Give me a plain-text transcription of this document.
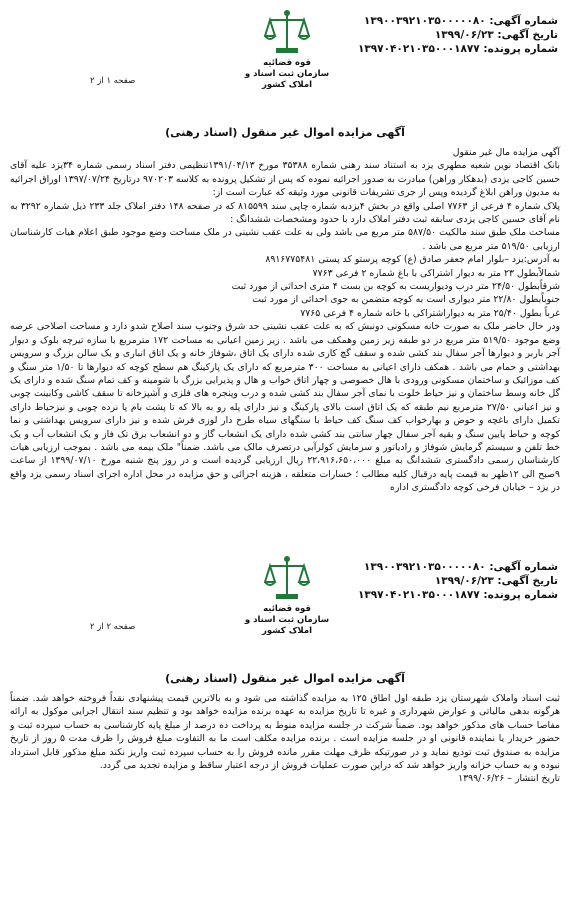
شماره آگهی: ۱۳۹۰۰۳۹۲۱۰۳۵۰۰۰۰۰۸۰
تاریخ آگهی: ۱۳۹۹/۰۶/۲۳
شماره پرونده: ۱۳۹۷۰۴۰۲۱۰۳۵۰۰۰۱۸۷۷
قوه قضائیه
سازمان ثبت اسناد و املاک کشور
صفحه ۱ از ۲
آگهی مزایده اموال غیر منقول (اسناد رهنی)

آگهی مزایده مال غیر منقول

بانک اقتصاد نوین شعبه مطهری یزد به استناد سند رهنی شماره ۳۵۳۸۸ مورخ ۱۳۹۱/۰۴/۱۳تنظیمی دفتر اسناد رسمی شماره ۳۴یزد علیه آقای حسین کاجی یزدی (بدهکار وراهن) مبادرت به صدور اجرائیه نموده که پس از تشکیل پرونده به کلاسه ۹۷۰۲۰۳ درتاریخ ۱۳۹۷/۰۷/۲۴ اوراق اجرائیه به مدیون وراهن ابلاغ گردیده وپس از جری تشریفات قانونی مورد وثیقه که عبارت است از:

پلاک شماره ۴ فرعی از ۷۷۶۳ اصلی واقع در بخش ۴یزدبه شماره چاپی سند ۸۱۵۵۹۹ که در صفحه ۱۴۸ دفتر املاک جلد ۲۳۳ ذیل شماره ۳۲۹۲ به نام آقای حسین کاجی یزدی سابقه ثبت دفتر املاک دارد با حدود ومشخصات ششدانگ :

مساحت ملک طبق سند مالکیت ۵۸۷/۵۰ متر مربع می باشد ولی به علت عقب نشینی در ملک مساحت وضع موجود طبق اعلام هیات کارشناسان ارزیابی ۵۱۹/۵۰ متر مربع می باشد .

به آدرس:یزد –بلوار امام جعفر صادق (ع) کوچه پرستو کد پستی ۸۹۱۶۷۷۵۴۸۱

شمالاًبطول ۲۳ متر به دیوار اشتراکی با باغ شماره ۲ فرعی ۷۷۶۳

شرقاًبطول ۲۴/۵۰ متر درب ودیواریست به کوچه بن بست ۴ متری احداثی از مورد ثبت

جنوباًبطول ۲۲/۸۰ متر دیواری است به کوچه متضمن به جوی احداثی از مورد ثبت

غرباً بطول ۲۵/۴۰ متر به دیواراشتراکی با خانه شماره ۴ فرعی ۷۷۶۵

ودر حال حاضر ملک به صورت خانه مسکونی دونبش که به علت عقب نشینی حد شرق وجنوب سند اصلاح شدو دارد و مساحت اصلاحی عرصه وضع موجود ۵۱۹/۵۰ متر مربع در دو طبقه زیر زمین وهمکف می باشد . زیر زمین اعیانی به مساحت ۱۷۲ مترمربع با سازه تیرچه بلوک و دیوار آجر باربر و دیوارها آجر سفال بند کشی شده و سقف گچ کاری شده دارای یک اتاق ،شوفاژ خانه و یک اتاق انباری و یک سالن بزرگ و سرویس بهداشتی و حمام می باشد . همکف دارای اعیانی به مساحت ۳۰۰ مترمربع که دارای یک پارکینگ هم سطح کوچه که دیوارها تا ۱/۵۰ متر سنگ و کف موزائیک و ساختمان مسکونی ورودی با هال خصوصی و چهار اتاق خواب و هال و پذیرایی بزرگ با شومینه و کف تمام سنگ شده و دارای یک گل خانه وسط ساختمان و نیز حیاط خلوت با نمای آجر سفال بند کشی شده و درب وپنجره های فلزی و آشپزخانه تا سقف کاشی وکابینت چوبی و نیز اعیانی ۲۷/۵۰ مترمربع نیم طبقه که یک اتاق است بالای پارکینگ و نیز دارای پله رو به بالا که تا پشت بام پا نرده چوبی و نیزحیاط دارای تکمیل دارای باغچه و حوض و بهارخواب کف سنگ کف حیاط با سنگهای سیاه طرح دار لوزی فرش شده و نیز دارای سرویس بهداشتی و نما کوچه و حیاط پایین سنگ و بقیه آجر سفال چهار سانتی بند کشی شده دارای یک انشعاب گاز و دو انشعاب برق تک فاز و یک انشعاب آب و یک خط تلفن و سیستم گرمایش شوفاژ و رادیاتور و سرمایش کولرآبی درتصرف مالک می باشد. ضمناً" ملک بیمه می باشد . بموجب ارزیابی هیات کارشناسان رسمی دادگستری ششدانگ به مبلغ ۲۲،۹۱۶،۶۵۰،۰۰۰ ریال ارزیابی گردیده است و در روز پنج شنبه مورخ ۱۳۹۹/۰۷/۱۰ از ساعت ۹صبح الی ۱۲ظهر به قیمت پایه درقبال کلیه مطالب ؛ خسارات متعلقه ، هزینه اجرائی و حق مزایده در محل اداره اجرای اسناد رسمی یزد واقع در یزد – خیابان فرخی کوچه دادگستری اداره

شماره آگهی: ۱۳۹۰۰۳۹۲۱۰۳۵۰۰۰۰۰۸۰
تاریخ آگهی: ۱۳۹۹/۰۶/۲۳
شماره پرونده: ۱۳۹۷۰۴۰۲۱۰۳۵۰۰۰۱۸۷۷
قوه قضائیه
سازمان ثبت اسناد و املاک کشور
صفحه ۲ از ۲
آگهی مزایده اموال غیر منقول (اسناد رهنی)

ثبت اسناد واملاک شهرستان یزد طبقه اول اطاق ۱۲۵ به مزایده گذاشته می شود و به بالاترین قیمت پیشنهادی نقداً فروخته خواهد شد. ضمناً هرگونه بدهی مالیاتی و عوارض شهرداری و غیره تا تاریخ مزایده به عهده برنده مزایده خواهد بود و تنظیم سند انتقال اجرایی موکول به ارائه مفاصا حساب های مذکور خواهد بود. ضمناً شرکت در جلسه مزایده منوط به پرداخت ده درصد از مبلغ پایه کارشناسی به حساب سپرده ثبت و حضور خریدار یا نماینده قانونی او در جلسه مزایده است . برنده مزایده مکلف است ما به التفاوت مبلغ فروش را ظرف مدت ۵ روز از تاریخ مزایده به صندوق ثبت تودیع نماید و در صورتیکه ظرف مهلت مقرر مانده فروش را به حساب سپرده ثبت واریز نکند مبلغ مذکور قابل استرداد نبوده و به حساب خزانه واریز خواهد شد که دراین صورت عملیات فروش از درجه اعتبار ساقط و مزایده تجدید می گردد.

تاریخ انتشار – ۱۳۹۹/۰۶/۲۶
